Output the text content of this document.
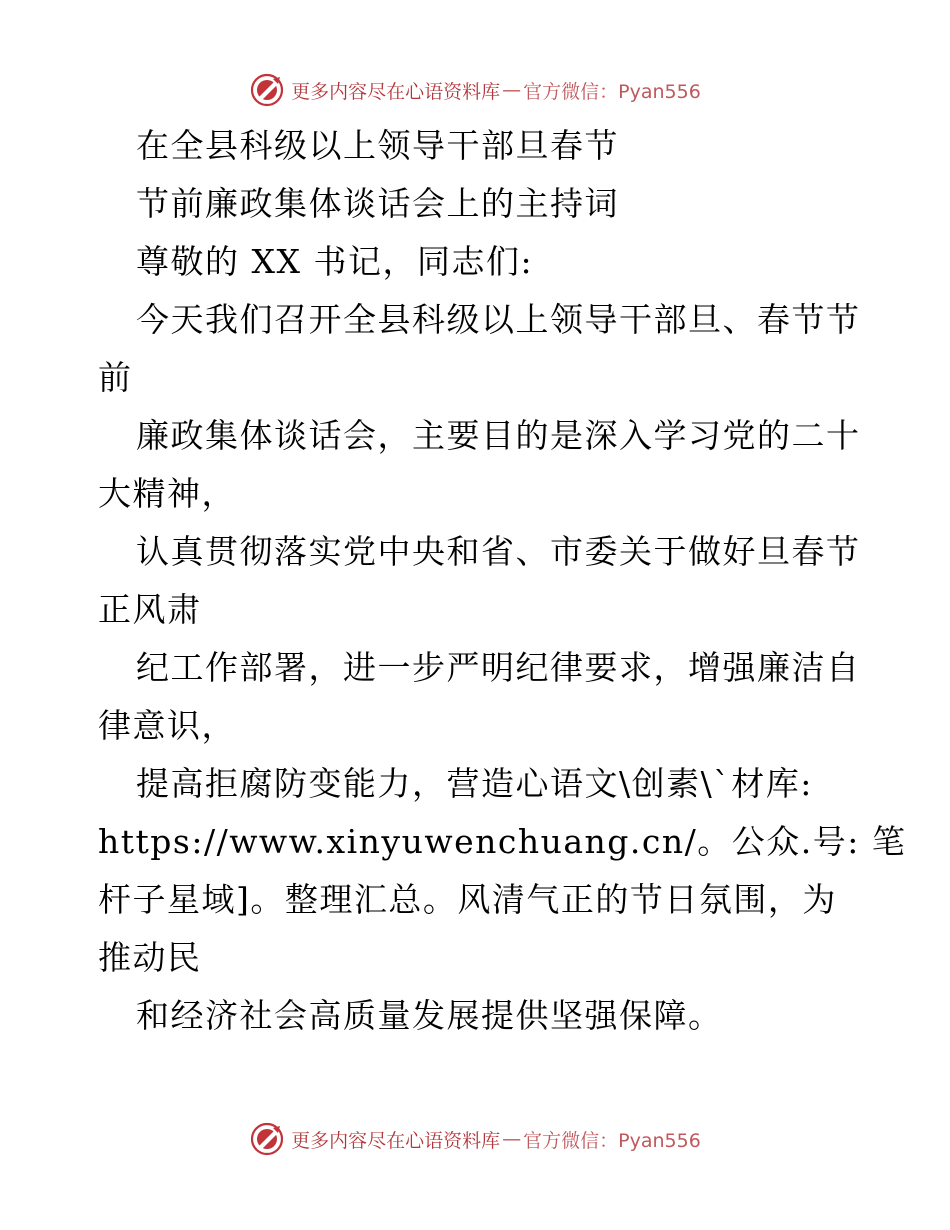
更多内容尽在心语资料库 — 官方微信：Pyan556
在全县科级以上领导干部旦春节
节前廉政集体谈话会上的主持词
尊敬的 XX 书记，同志们:
今天我们召开全县科级以上领导干部旦、春节节
前
廉政集体谈话会，主要目的是深入学习党的二十
大精神，
认真贯彻落实党中央和省、市委关于做好旦春节
正风肃
纪工作部署，进一步严明纪律要求，增强廉洁自
律意识，
提高拒腐防变能力，营造心语文\创素\`材库:
https://www.xinyuwenchuang.cn/。公众.号: 笔
杆子星域]。整理汇总。风清气正的节日氛围，为
推动民
和经济社会高质量发展提供坚强保障。
更多内容尽在心语资料库 — 官方微信：Pyan556
